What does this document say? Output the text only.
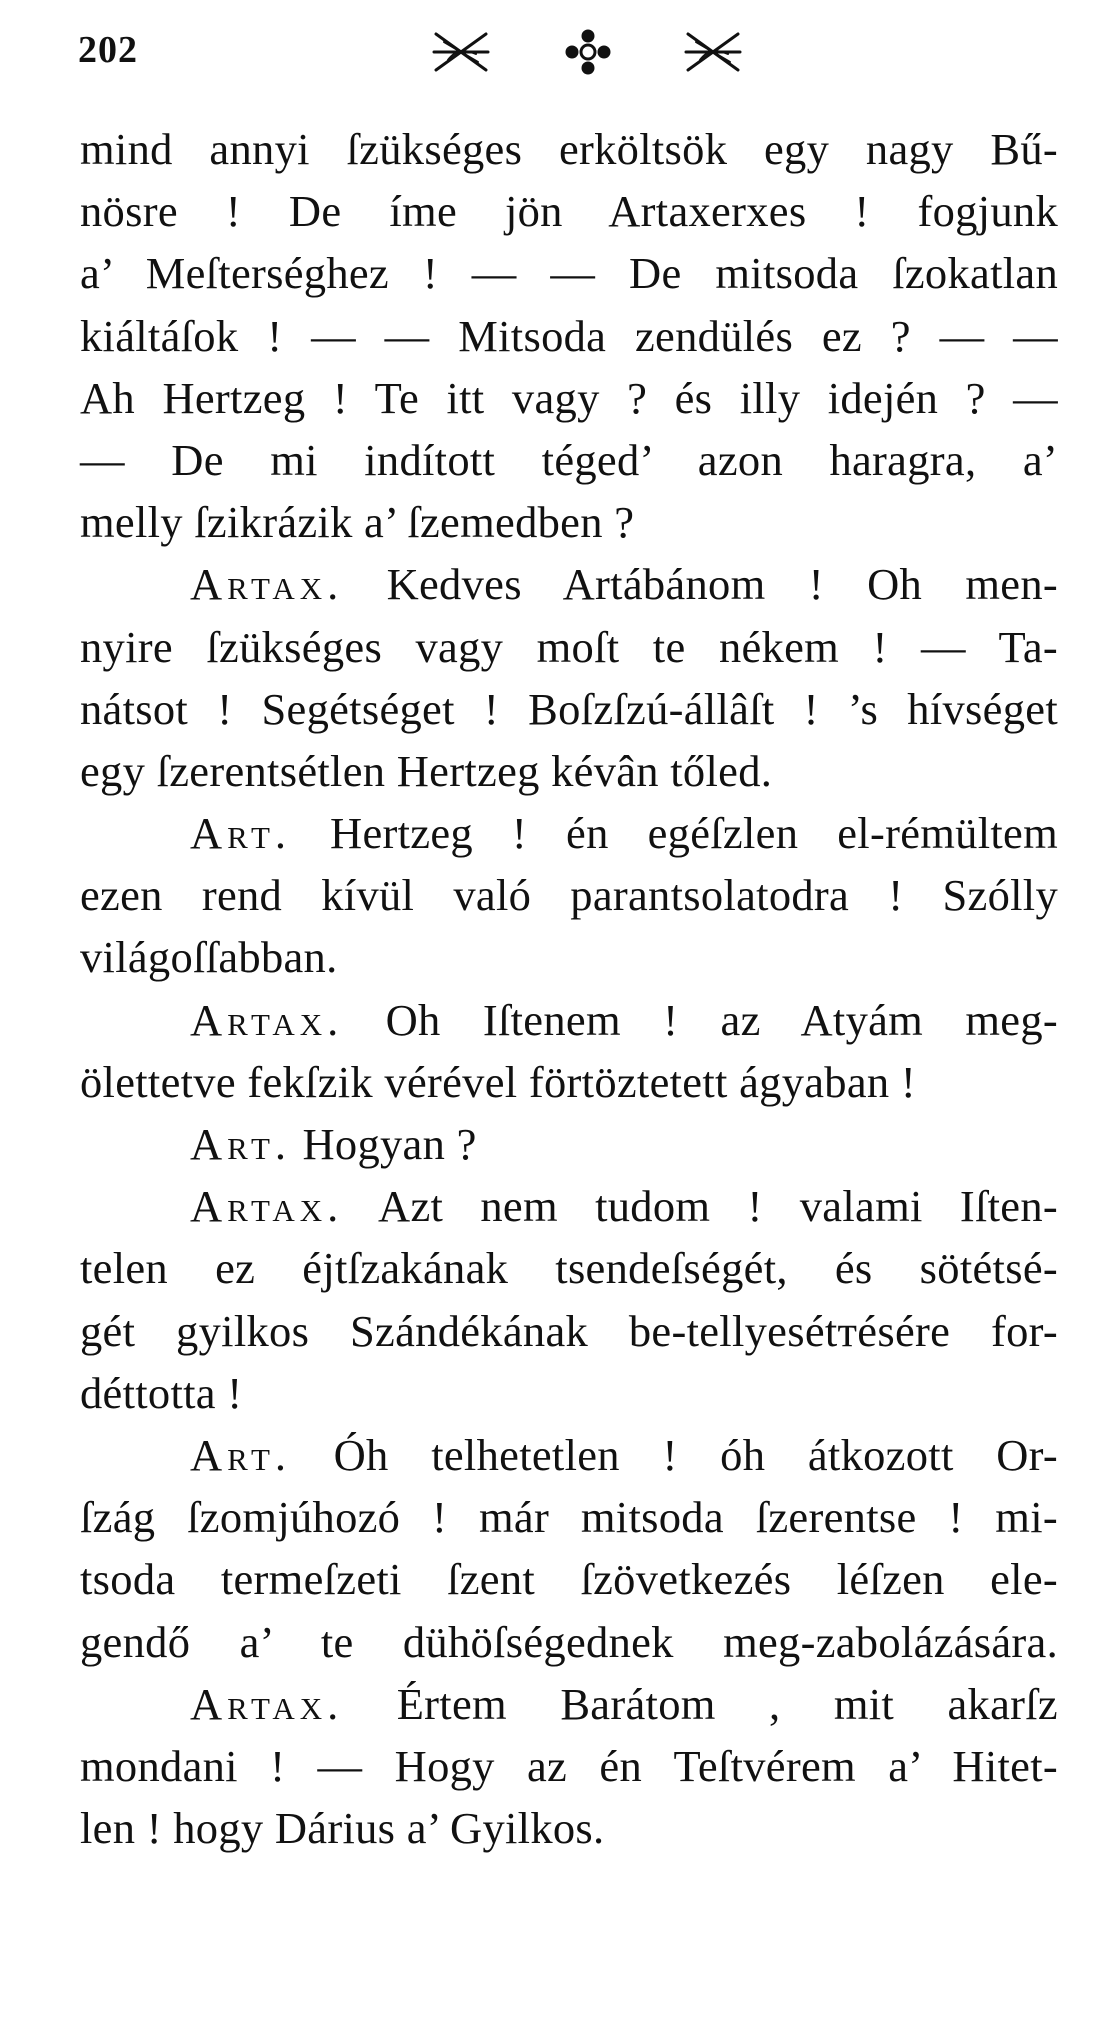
202
mind annyi ſzükséges erköltsök egy nagy Bű-
nösre ! De íme jön Artaxerxes ! fogjunk
a’ Meſterséghez ! — — De mitsoda ſzokatlan
kiáltáſok ! — — Mitsoda zendülés ez ? — —
Ah Hertzeg ! Te itt vagy ? és illy idején ? —
— De mi indított téged’ azon haragra, a’
melly ſzikrázik a’ ſzemedben ?
Artax. Kedves Artábánom ! Oh men-
nyire ſzükséges vagy moſt te nékem ! — Ta-
nátsot ! Segétséget ! Boſzſzú-állâſt ! ’s hívséget
egy ſzerentsétlen Hertzeg kévân tőled.
Art. Hertzeg ! én egéſzlen el-rémültem
ezen rend kívül való parantsolatodra ! Szólly
világoſſabban.
Artax. Oh Iſtenem ! az Atyám meg-
ölettetve fekſzik vérével förtöztetett ágyaban !
Art. Hogyan ?
Artax. Azt nem tudom ! valami Iſten-
telen ez éjtſzakának tsendeſségét, és sötétsé-
gét gyilkos Szándékának be-tellyesétтésére for-
déttotta !
Art. Óh telhetetlen ! óh átkozott Or-
ſzág ſzomjúhozó ! már mitsoda ſzerentse ! mi-
tsoda termeſzeti ſzent ſzövetkezés léſzen ele-
gendő a’ te dühöſségednek meg-zabolázására.
Artax. Értem Barátom , mit akarſz
mondani ! — Hogy az én Teſtvérem a’ Hitet-
len ! hogy Dárius a’ Gyilkos.
